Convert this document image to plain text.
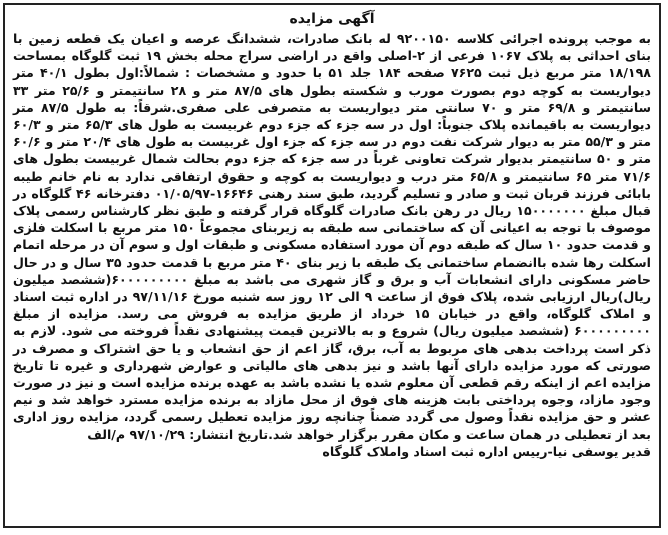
آگهی مزایده

به موجب پرونده اجرائی کلاسه ۹۲۰۰۱۵۰ له بانک صادرات، ششدانگ عرصه و اعیان یک قطعه زمین با بنای احداثی به پلاک ۱۰۶۷ فرعی از ۲-اصلی واقع در اراضی سراج محله بخش ۱۹ ثبت گلوگاه بمساحت ۱۸/۱۹۸ متر مربع ذیل ثبت ۷۶۲۵ صفحه ۱۸۴ جلد ۵۱ با حدود و مشخصات : شمالاً:اول بطول ۴۰/۱ متر دیواریست به کوچه دوم بصورت مورب و شکسته بطول های ۸۷/۵ متر و ۲۸ سانتیمتر و ۲۵/۶ متر ۳۳ سانتیمتر و ۶۹/۸ متر و ۷۰ سانتی متر دیواریست به متصرفی علی صفری.شرقاً: به طول ۸۷/۵ متر دیواریست به باقیمانده پلاک جنوباً: اول در سه جزء که جزء دوم غربیست به طول های ۶۵/۳ متر و ۶۰/۳ متر و ۵۵/۳ متر به دیوار شرکت نفت دوم در سه جزء که جزء اول غربیست به طول های ۲۰/۴ متر و ۶۰/۶ متر و ۵۰ سانتیمتر بدیوار شرکت تعاونی غرباً در سه جزء که جزء دوم بحالت شمال غربیست بطول های ۷۱/۶ متر ۶۵ سانتیمتر و ۶۵/۸ متر درب و دیواریست به کوچه و حقوق ارتفاقی ندارد به نام خانم طیبه بابائی فرزند قربان ثبت و صادر و تسلیم گردید، طبق سند رهنی ۱۶۶۴۶-۰۱/۰۵/۹۷ دفترخانه ۴۶ گلوگاه در قبال مبلغ ۱۵۰۰۰۰۰۰۰ ریال در رهن بانک صادرات گلوگاه قرار گرفته و طبق نظر کارشناس رسمی پلاک موصوف با توجه به اعیانی آن که ساختمانی سه طبقه به زیربنای مجموعاً ۱۵۰ متر مربع با اسکلت فلزی و قدمت حدود ۱۰ سال که طبقه دوم آن مورد استفاده مسکونی و طبقات اول و سوم آن در مرحله اتمام اسکلت رها شده باانضمام ساختمانی یک طبقه با زیر بنای ۴۰ متر مربع با قدمت حدود ۳۵ سال و در حال حاضر مسکونی دارای انشعابات آب و برق و گاز شهری می باشد به مبلغ ۶۰۰۰۰۰۰۰۰۰(ششصد میلیون ریال)ریال ارزیابی شده، پلاک فوق از ساعت ۹ الی ۱۲ روز سه شنبه مورخ ۹۷/۱۱/۱۶ در اداره ثبت اسناد و املاک گلوگاه، واقع در خیابان ۱۵ خرداد از طریق مزایده به فروش می رسد. مزایده از مبلغ ۶۰۰۰۰۰۰۰۰۰ (ششصد میلیون ریال) شروع و به بالاترین قیمت پیشنهادی نقداً فروخته می شود. لازم به ذکر است پرداخت بدهی های مربوط به آب، برق، گاز اعم از حق انشعاب و یا حق اشتراک و مصرف در صورتی که مورد مزایده دارای آنها باشد و نیز بدهی های مالیاتی و عوارض شهرداری و غیره تا تاریخ مزایده اعم از اینکه رقم قطعی آن معلوم شده یا نشده باشد به عهده برنده مزایده است و نیز در صورت وجود مازاد، وجوه پرداختی بابت هزینه های فوق از محل مازاد به برنده مزایده مسترد خواهد شد و نیم عشر و حق مزایده نقداً وصول می گردد ضمناً چنانچه روز مزایده تعطیل رسمی گردد، مزایده روز اداری بعد از تعطیلی در همان ساعت و مکان مقرر برگزار خواهد شد.تاریخ انتشار: ۹۷/۱۰/۲۹ م/الف

قدیر یوسفی نیا-رییس اداره ثبت اسناد واملاک گلوگاه
